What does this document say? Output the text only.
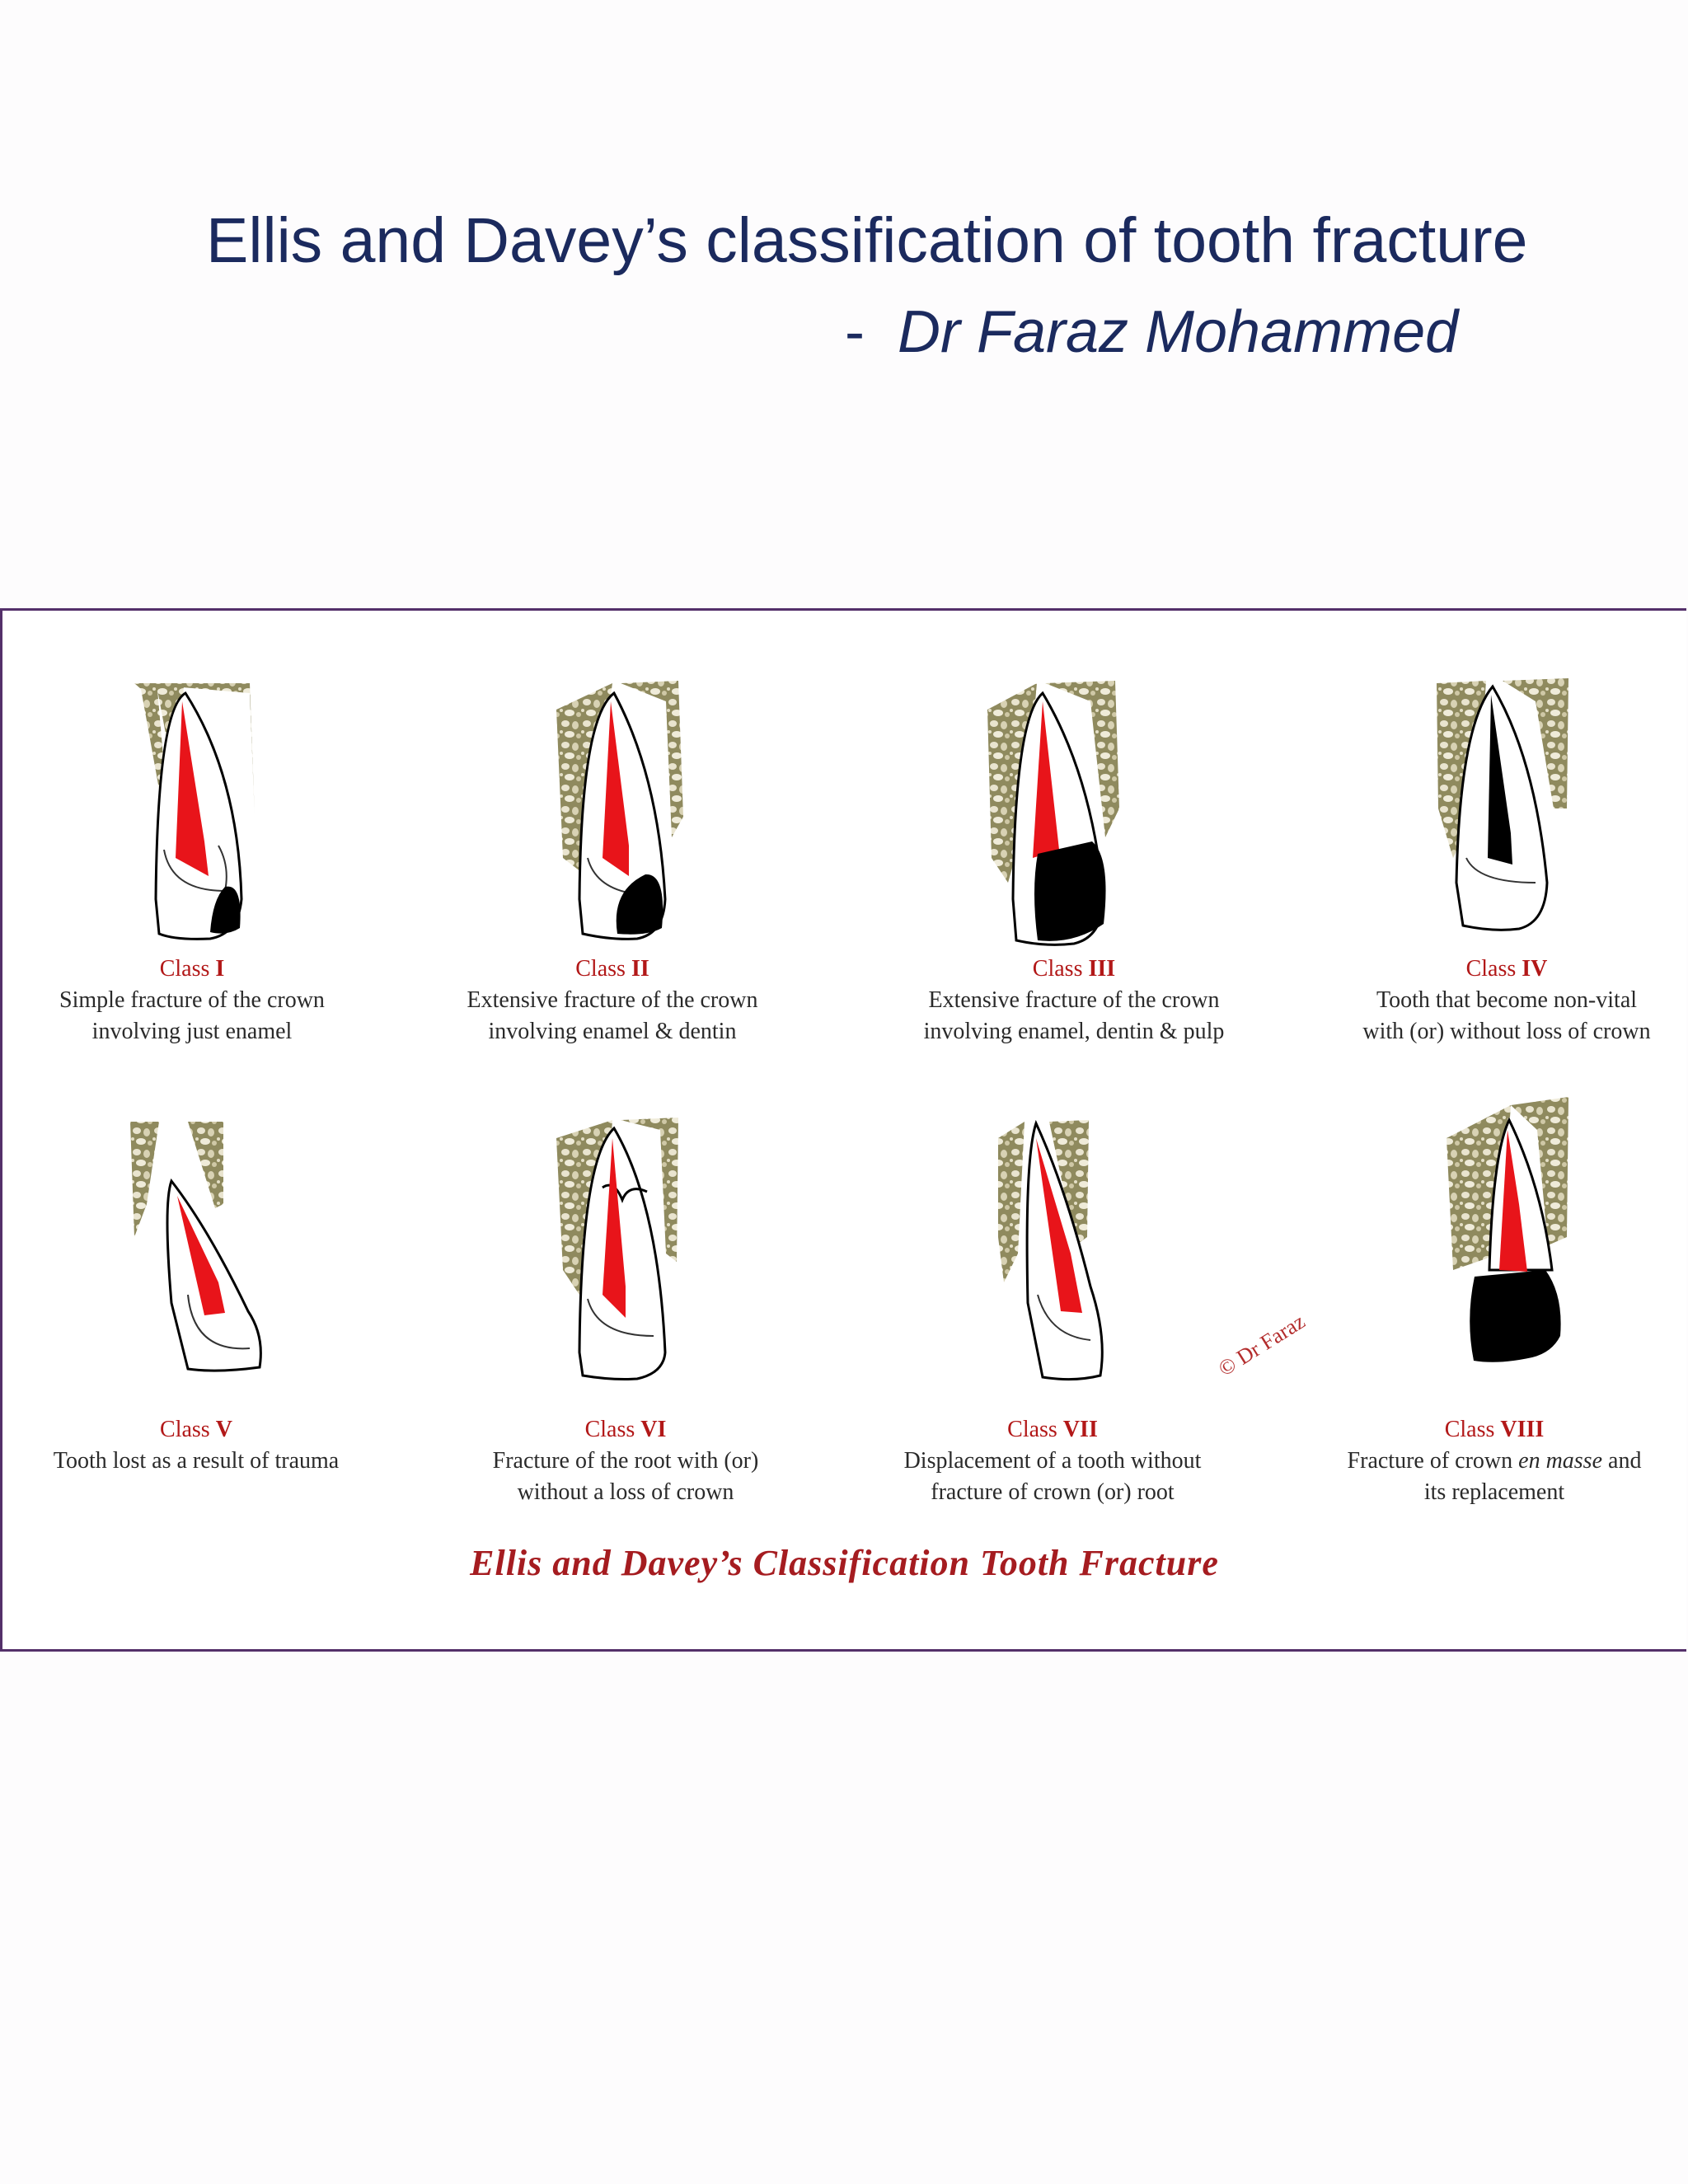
Ellis and Davey’s classification of tooth fracture
- Dr Faraz Mohammed
Class I
Simple fracture of the crown
involving just enamel
Class II
Extensive fracture of the crown
involving enamel & dentin
Class III
Extensive fracture of the crown
involving enamel, dentin & pulp
Class IV
Tooth that become non-vital
with (or) without loss of crown
Class V
Tooth lost as a result of trauma
Class VI
Fracture of the root with (or)
without a loss of crown
Class VII
Displacement of a tooth without
fracture of crown (or) root
Class VIII
Fracture of crown en masse and
its replacement
© Dr Faraz
Ellis and Davey’s Classification Tooth Fracture
